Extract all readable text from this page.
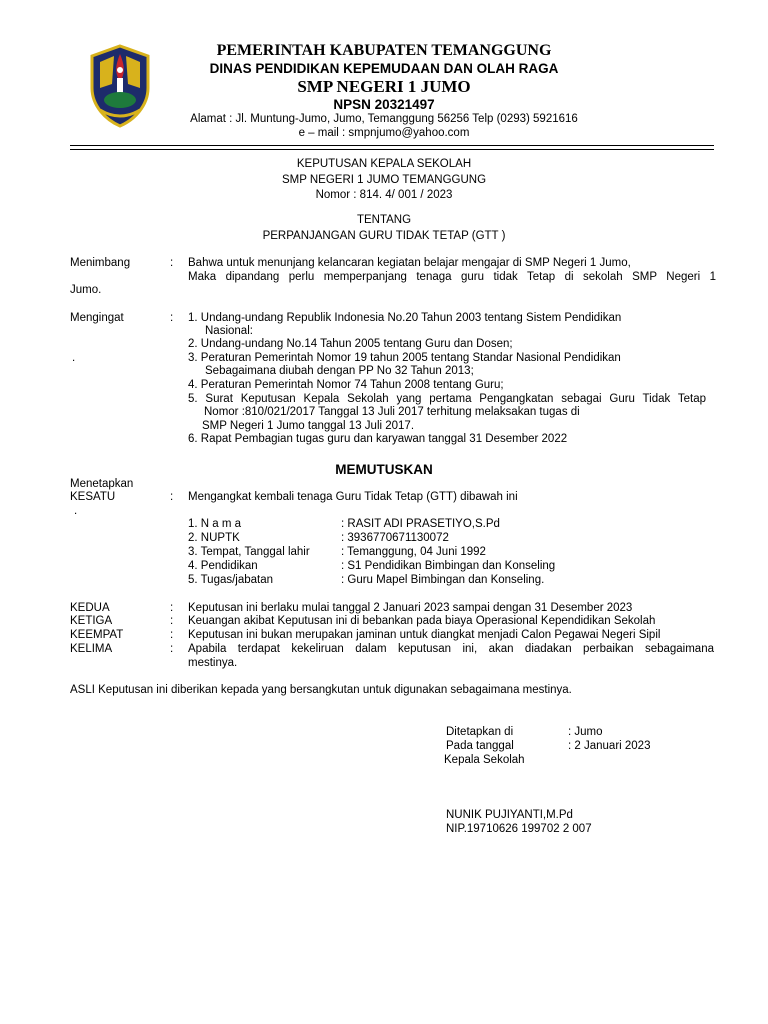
PEMERINTAH KABUPATEN TEMANGGUNG
DINAS PENDIDIKAN KEPEMUDAAN DAN OLAH RAGA
SMP NEGERI 1 JUMO
NPSN 20321497
Alamat : Jl. Muntung-Jumo, Jumo, Temanggung 56256 Telp (0293) 5921616
e – mail : smpnjumo@yahoo.com
KEPUTUSAN KEPALA SEKOLAH
SMP NEGERI 1 JUMO TEMANGGUNG
Nomor : 814. 4/ 001 / 2023
TENTANG
PERPANJANGAN GURU TIDAK TETAP (GTT )
Menimbang	: Bahwa untuk menunjang kelancaran kegiatan belajar mengajar di SMP Negeri 1 Jumo,
Maka dipandang perlu memperpanjang tenaga guru tidak Tetap di sekolah SMP Negeri 1
Jumo.
Mengingat	:
.
1. Undang-undang Republik Indonesia No.20 Tahun 2003 tentang Sistem Pendidikan
Nasional:
2. Undang-undang No.14 Tahun 2005 tentang Guru dan Dosen;
3. Peraturan Pemerintah Nomor 19 tahun 2005 tentang Standar Nasional Pendidikan
Sebagaimana diubah dengan PP No 32 Tahun 2013;
4. Peraturan Pemerintah Nomor 74 Tahun 2008 tentang Guru;
5. Surat Keputusan Kepala Sekolah yang pertama Pengangkatan sebagai Guru Tidak Tetap
Nomor :810/021/2017 Tanggal 13 Juli 2017 terhitung melaksakan tugas di
SMP Negeri 1 Jumo tanggal 13 Juli 2017.
6. Rapat Pembagian tugas guru dan karyawan tanggal 31 Desember 2022
MEMUTUSKAN
Menetapkan
KESATU	: Mengangkat kembali tenaga Guru Tidak Tetap (GTT) dibawah ini
.
1. N a m a	: RASIT ADI PRASETIYO,S.Pd
2. NUPTK	: 3936770671130072
3. Tempat, Tanggal lahir	: Temanggung, 04 Juni 1992
4. Pendidikan	: S1 Pendidikan Bimbingan dan Konseling
5. Tugas/jabatan	: Guru Mapel Bimbingan dan Konseling.
KEDUA	: Keputusan ini berlaku mulai tanggal 2 Januari 2023 sampai dengan 31 Desember 2023
KETIGA	: Keuangan akibat Keputusan ini di bebankan pada biaya Operasional Kependidikan Sekolah
KEEMPAT	: Keputusan ini bukan merupakan jaminan untuk diangkat menjadi Calon Pegawai Negeri Sipil
KELIMA	: Apabila terdapat kekeliruan dalam keputusan ini, akan diadakan perbaikan sebagaimana
mestinya.
ASLI Keputusan ini diberikan kepada yang bersangkutan untuk digunakan sebagaimana mestinya.
Ditetapkan di	: Jumo
Pada tanggal	: 2 Januari 2023
Kepala Sekolah
NUNIK PUJIYANTI,M.Pd
NIP.19710626 199702 2 007
